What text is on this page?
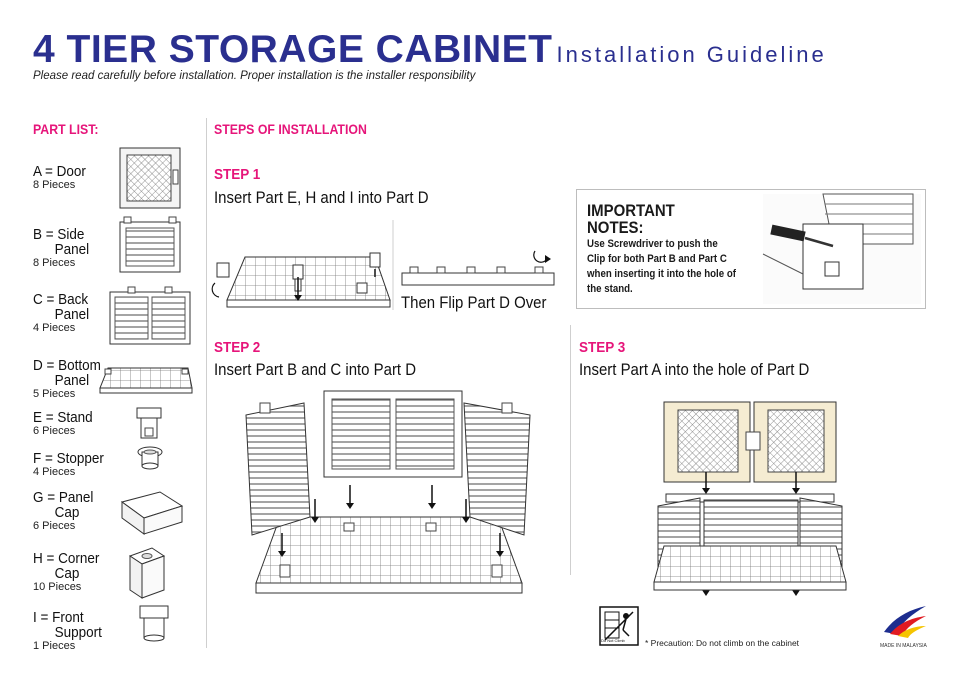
4 TIER STORAGE CABINET Installation Guideline
Please read carefully before installation. Proper installation is the installer responsibility
PART LIST:
A = Door
8 Pieces
B = Side
Panel
8 Pieces
C = Back
Panel
4 Pieces
D = Bottom
Panel
5 Pieces
E = Stand
6 Pieces
F = Stopper
4 Pieces
G = Panel
Cap
6 Pieces
H = Corner
Cap
10 Pieces
I = Front
Support
1 Pieces
STEPS OF INSTALLATION
STEP 1
Insert Part E, H and I into Part D
Then Flip Part D Over
IMPORTANT
NOTES:
Use Screwdriver to push the Clip for both Part B and Part C when inserting it into the hole of the stand.
STEP 2
Insert Part B and C into Part D
STEP 3
Insert Part A into the hole of Part D
Do Not Climb * Precaution: Do not climb on the cabinet	MADE IN MALAYSIA
